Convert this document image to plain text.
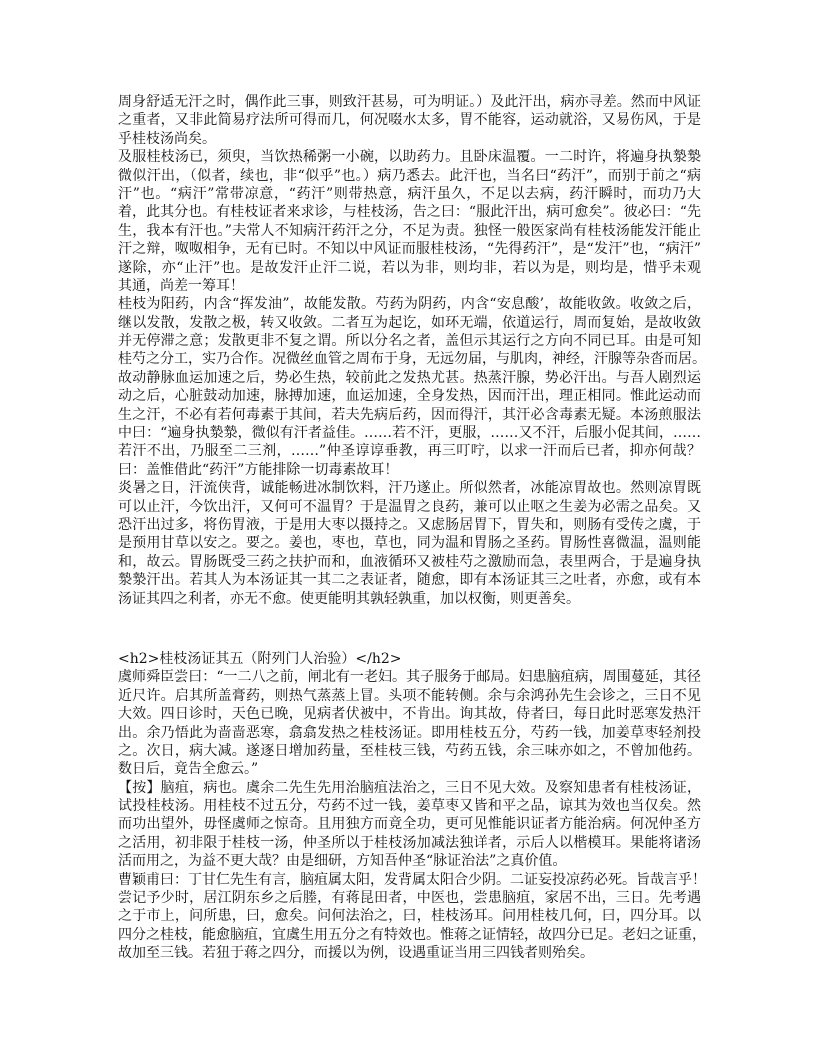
周身舒适无汗之时，偶作此三事，则致汗甚易，可为明证。）及此汗出，病亦寻差。然而中风证
之重者，又非此简易疗法所可得而几，何况啜水太多，胃不能容，运动就浴，又易伤风，于是
乎桂枝汤尚矣。
及服桂枝汤已，须臾，当饮热稀粥一小碗，以助药力。且卧床温覆。一二时许，将遍身执漐漐
微似汗出，（似者，续也，非“似乎”也。）病乃悉去。此汗也，当名曰“药汗”，而别于前之“病
汗”也。“病汗”常带凉意，“药汗”则带热意，病汗虽久，不足以去病，药汗瞬时，而功乃大
着，此其分也。有桂枝证者来求诊，与桂枝汤，告之曰：“服此汗出，病可愈矣”。彼必曰：“先
生，我本有汗也。”夫常人不知病汗药汗之分，不足为责。独怪一般医家尚有桂枝汤能发汗能止
汗之辩，呶呶相争，无有已时。不知以中风证而服桂枝汤，“先得药汗”，是“发汗”也，“病汗”
遂除，亦“止汗”也。是故发汗止汗二说，若以为非，则均非，若以为是，则均是，惜乎未观
其通，尚差一筹耳！
桂枝为阳药，内含“挥发油”，故能发散。芍药为阴药，内含“安息酸’，故能收敛。收敛之后，
继以发散，发散之极，转又收敛。二者互为起讫，如环无端，依道运行，周而复始，是故收敛
并无停滞之意；发散更非不复之谓。所以分名之者，盖但示其运行之方向不同已耳。由是可知
桂芍之分工，实乃合作。况微丝血管之周布于身，无远勿届，与肌肉，神经，汗腺等杂沓而居。
故动静脉血运加速之后，势必生热，较前此之发热尤甚。热蒸汗腺，势必汗出。与吾人剧烈运
动之后，心脏鼓动加速，脉搏加速，血运加速，全身发热，因而汗出，理正相同。惟此运动而
生之汗，不必有若何毒素于其间，若夫先病后药，因而得汗，其汗必含毒素无疑。本汤煎服法
中曰：“遍身执漐漐，微似有汗者益佳。……若不汗，更服，……又不汗，后服小促其间，……
若汗不出，乃服至二三剂，……”仲圣谆谆垂教，再三叮咛，以求一汗而后已者，抑亦何哉？
曰：盖惟借此“药汗”方能排除一切毒素故耳！
炎暑之日，汗流侠背，诚能畅进冰制饮料，汗乃遂止。所似然者，冰能凉胃故也。然则凉胃既
可以止汗，今饮出汗，又何可不温胃？于是温胃之良药，兼可以止呕之生姜为必需之品矣。又
恐汗出过多，将伤胃液，于是用大枣以摄持之。又虑肠居胃下，胃失和，则肠有受传之虞，于
是预用甘草以安之。要之。姜也，枣也，草也，同为温和胃肠之圣药。胃肠性喜微温，温则能
和，故云。胃肠既受三药之扶护而和，血液循环又被桂芍之激励而急，表里两合，于是遍身执
漐漐汗出。若其人为本汤证其一其二之表证者，随愈，即有本汤证其三之吐者，亦愈，或有本
汤证其四之利者，亦无不愈。使更能明其孰轻孰重，加以权衡，则更善矣。
<h2>桂枝汤证其五（附列门人治验）</h2>
虞师舜臣尝曰：“一二八之前，闸北有一老妇。其子服务于邮局。妇患脑疽病，周围蔓延，其径
近尺许。启其所盖膏药，则热气蒸蒸上冒。头项不能转侧。余与余鸿孙先生会诊之，三日不见
大效。四日诊时，天色已晚，见病者伏被中，不肯出。询其故，侍者曰，每日此时恶寒发热汗
出。余乃悟此为啬啬恶寒，翕翕发热之桂枝汤证。即用桂枝五分，芍药一钱，加姜草枣轻剂投
之。次日，病大减。遂逐日增加药量，至桂枝三钱，芍药五钱，余三味亦如之，不曾加他药。
数日后，竟告全愈云。”
【按】脑疽，病也。虞余二先生先用治脑疽法治之，三日不见大效。及察知患者有桂枝汤证，
试投桂枝汤。用桂枝不过五分，芍药不过一钱，姜草枣又皆和平之品，谅其为效也当仅矣。然
而功出望外，毋怪虞师之惊奇。且用独方而竟全功，更可见惟能识证者方能治病。何况仲圣方
之活用，初非限于桂枝一汤，仲圣所以于桂枝汤加减法独详者，示后人以楷模耳。果能将诸汤
活而用之，为益不更大哉？由是细研，方知吾仲圣“脉证治法”之真价值。
曹颖甫曰：丁甘仁先生有言，脑疽属太阳，发背属太阳合少阴。二证妄投凉药必死。旨哉言乎！
尝记予少时，居江阴东乡之后塍，有蒋昆田者，中医也，尝患脑疽，家居不出，三日。先考遇
之于市上，问所患，曰，愈矣。问何法治之，曰，桂枝汤耳。问用桂枝几何，曰，四分耳。以
四分之桂枝，能愈脑疽，宜虞生用五分之有特效也。惟蒋之证情轻，故四分已足。老妇之证重，
故加至三钱。若狃于蒋之四分，而援以为例，设遇重证当用三四钱者则殆矣。
